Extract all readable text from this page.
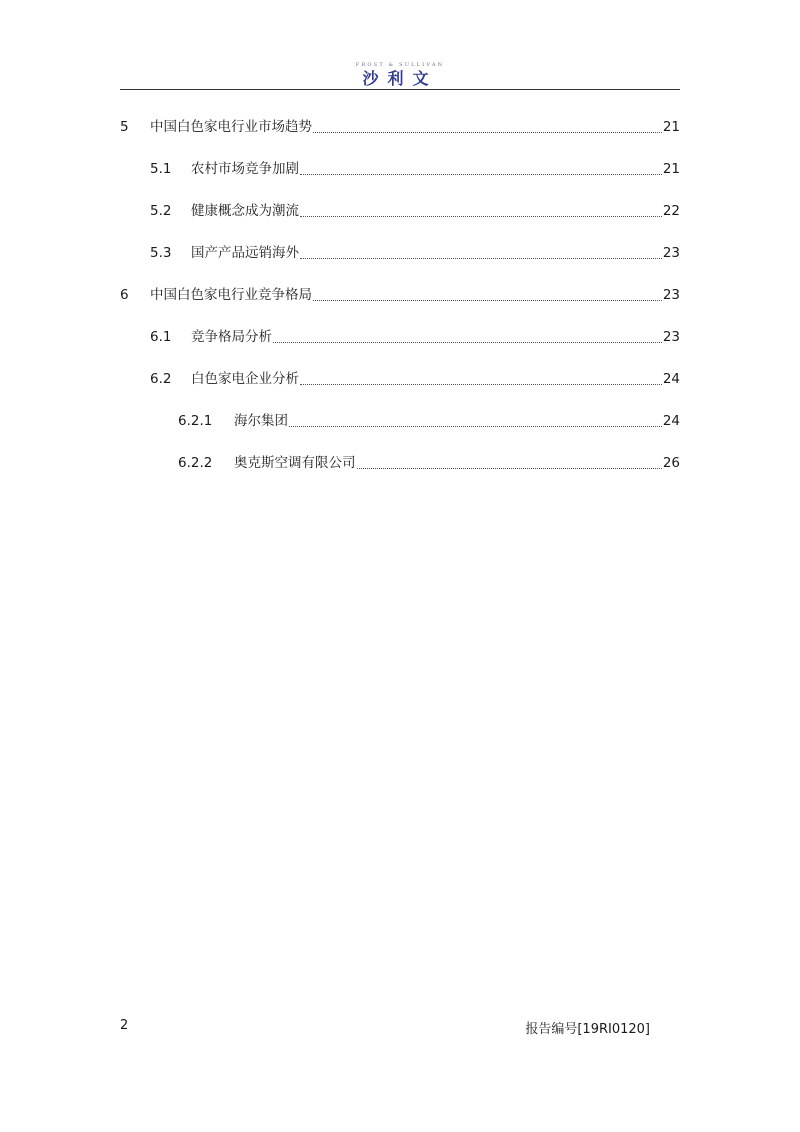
FROST & SULLIVAN
沙利文
5	中国白色家电行业市场趋势	21
5.1	农村市场竞争加剧	21
5.2	健康概念成为潮流	22
5.3	国产产品远销海外	23
6	中国白色家电行业竞争格局	23
6.1	竞争格局分析	23
6.2	白色家电企业分析	24
6.2.1	海尔集团	24
6.2.2	奥克斯空调有限公司	26
2	报告编号[19RI0120]
